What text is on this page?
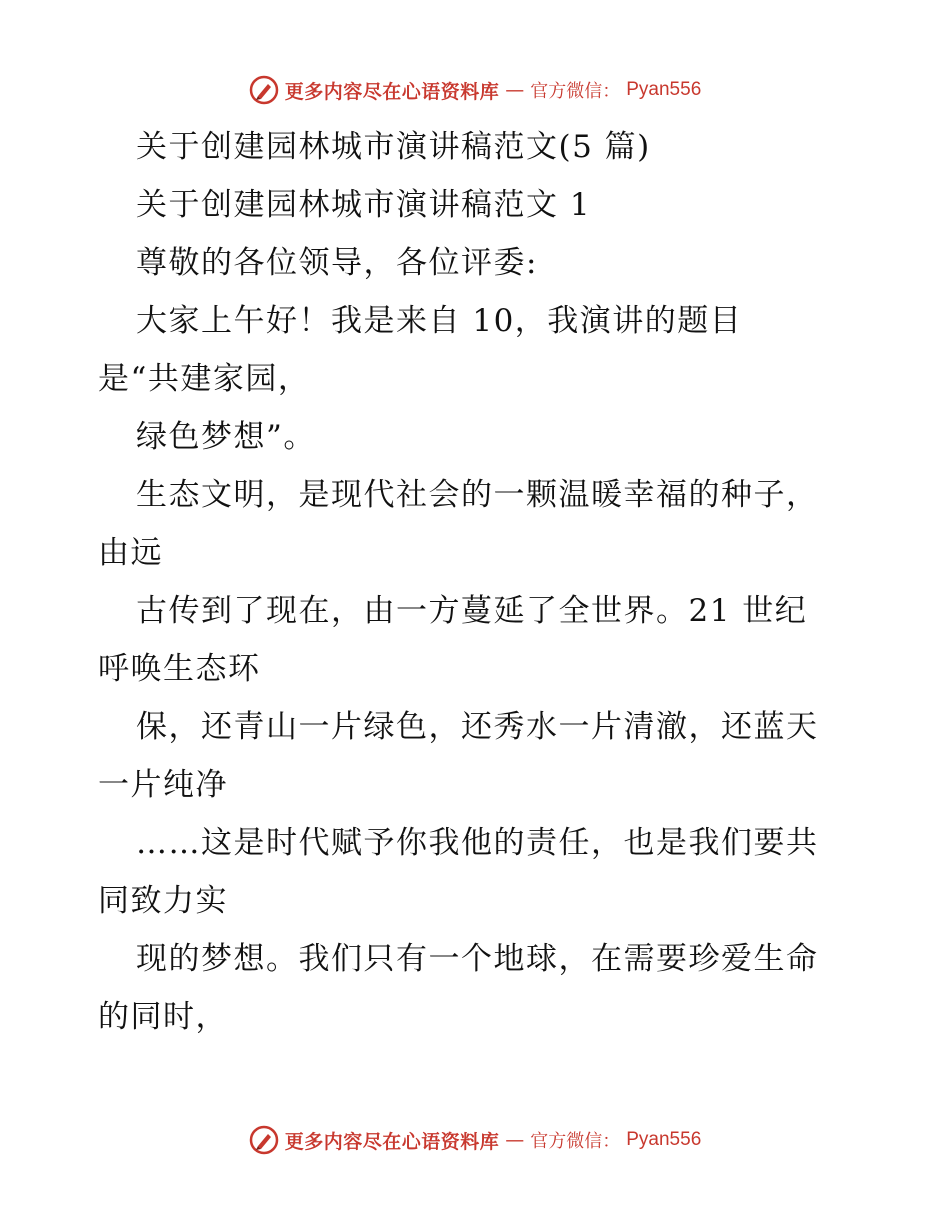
更多内容尽在心语资料库 — 官方微信： Pyan556
关于创建园林城市演讲稿范文(5 篇)
关于创建园林城市演讲稿范文 1
尊敬的各位领导，各位评委:
大家上午好！我是来自 10，我演讲的题目
是“共建家园，
绿色梦想”。
生态文明，是现代社会的一颗温暖幸福的种子，
由远
古传到了现在，由一方蔓延了全世界。21 世纪
呼唤生态环
保，还青山一片绿色，还秀水一片清澈，还蓝天
一片纯净
……这是时代赋予你我他的责任，也是我们要共
同致力实
现的梦想。我们只有一个地球，在需要珍爱生命
的同时，
更多内容尽在心语资料库 — 官方微信： Pyan556
